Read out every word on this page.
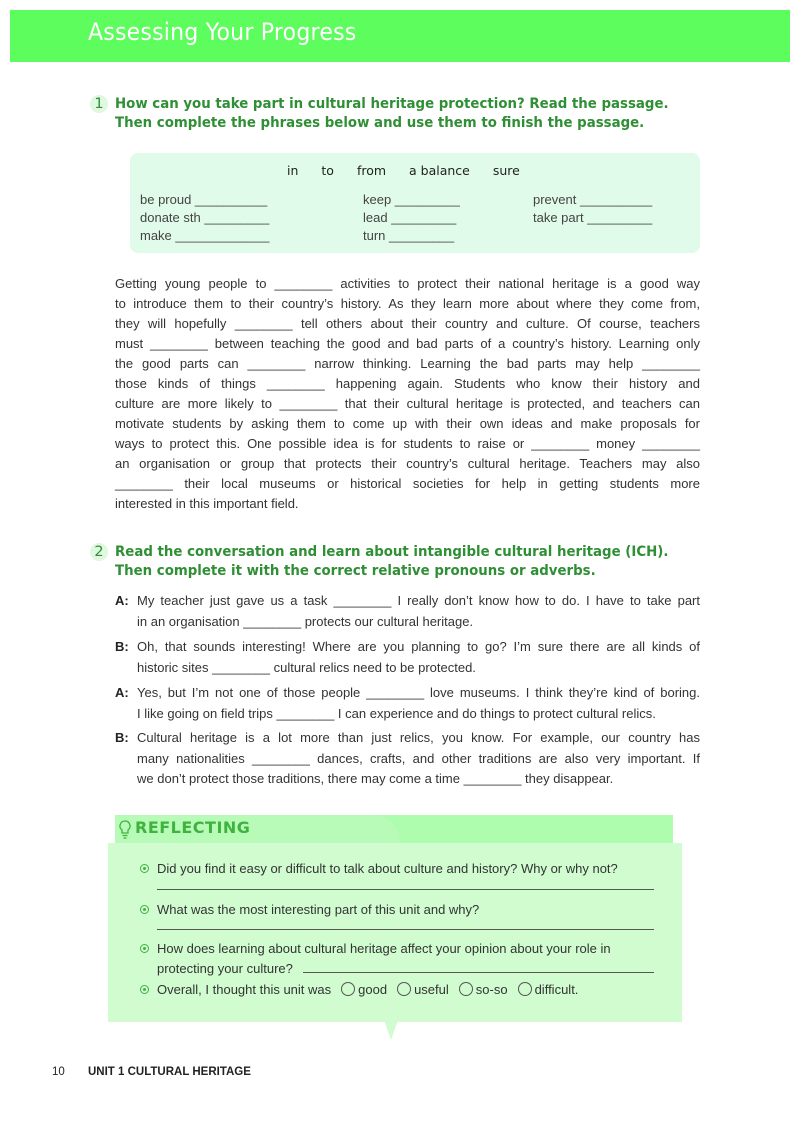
Assessing Your Progress
1 How can you take part in cultural heritage protection? Read the passage.
Then complete the phrases below and use them to finish the passage.
in to from a balance sure
be proud __________
donate sth _________
make _____________
keep _________
lead _________
turn _________
prevent __________
take part _________
Getting young people to ________ activities to protect their national heritage is a good way
to introduce them to their country’s history. As they learn more about where they come from,
they will hopefully ________ tell others about their country and culture. Of course, teachers
must ________ between teaching the good and bad parts of a country’s history. Learning only
the good parts can ________ narrow thinking. Learning the bad parts may help ________
those kinds of things ________ happening again. Students who know their history and
culture are more likely to ________ that their cultural heritage is protected, and teachers can
motivate students by asking them to come up with their own ideas and make proposals for
ways to protect this. One possible idea is for students to raise or ________ money ________
an organisation or group that protects their country’s cultural heritage. Teachers may also
________ their local museums or historical societies for help in getting students more
interested in this important field.
2 Read the conversation and learn about intangible cultural heritage (ICH).
Then complete it with the correct relative pronouns or adverbs.
A: My teacher just gave us a task ________ I really don’t know how to do. I have to take part
in an organisation ________ protects our cultural heritage.
B: Oh, that sounds interesting! Where are you planning to go? I’m sure there are all kinds of
historic sites ________ cultural relics need to be protected.
A: Yes, but I’m not one of those people ________ love museums. I think they’re kind of boring.
I like going on field trips ________ I can experience and do things to protect cultural relics.
B: Cultural heritage is a lot more than just relics, you know. For example, our country has
many nationalities ________ dances, crafts, and other traditions are also very important. If
we don’t protect those traditions, there may come a time ________ they disappear.
REFLECTING
Did you find it easy or difficult to talk about culture and history? Why or why not?
What was the most interesting part of this unit and why?
How does learning about cultural heritage affect your opinion about your role in
protecting your culture?
Overall, I thought this unit was good useful so-so difficult.
10 UNIT 1 CULTURAL HERITAGE
